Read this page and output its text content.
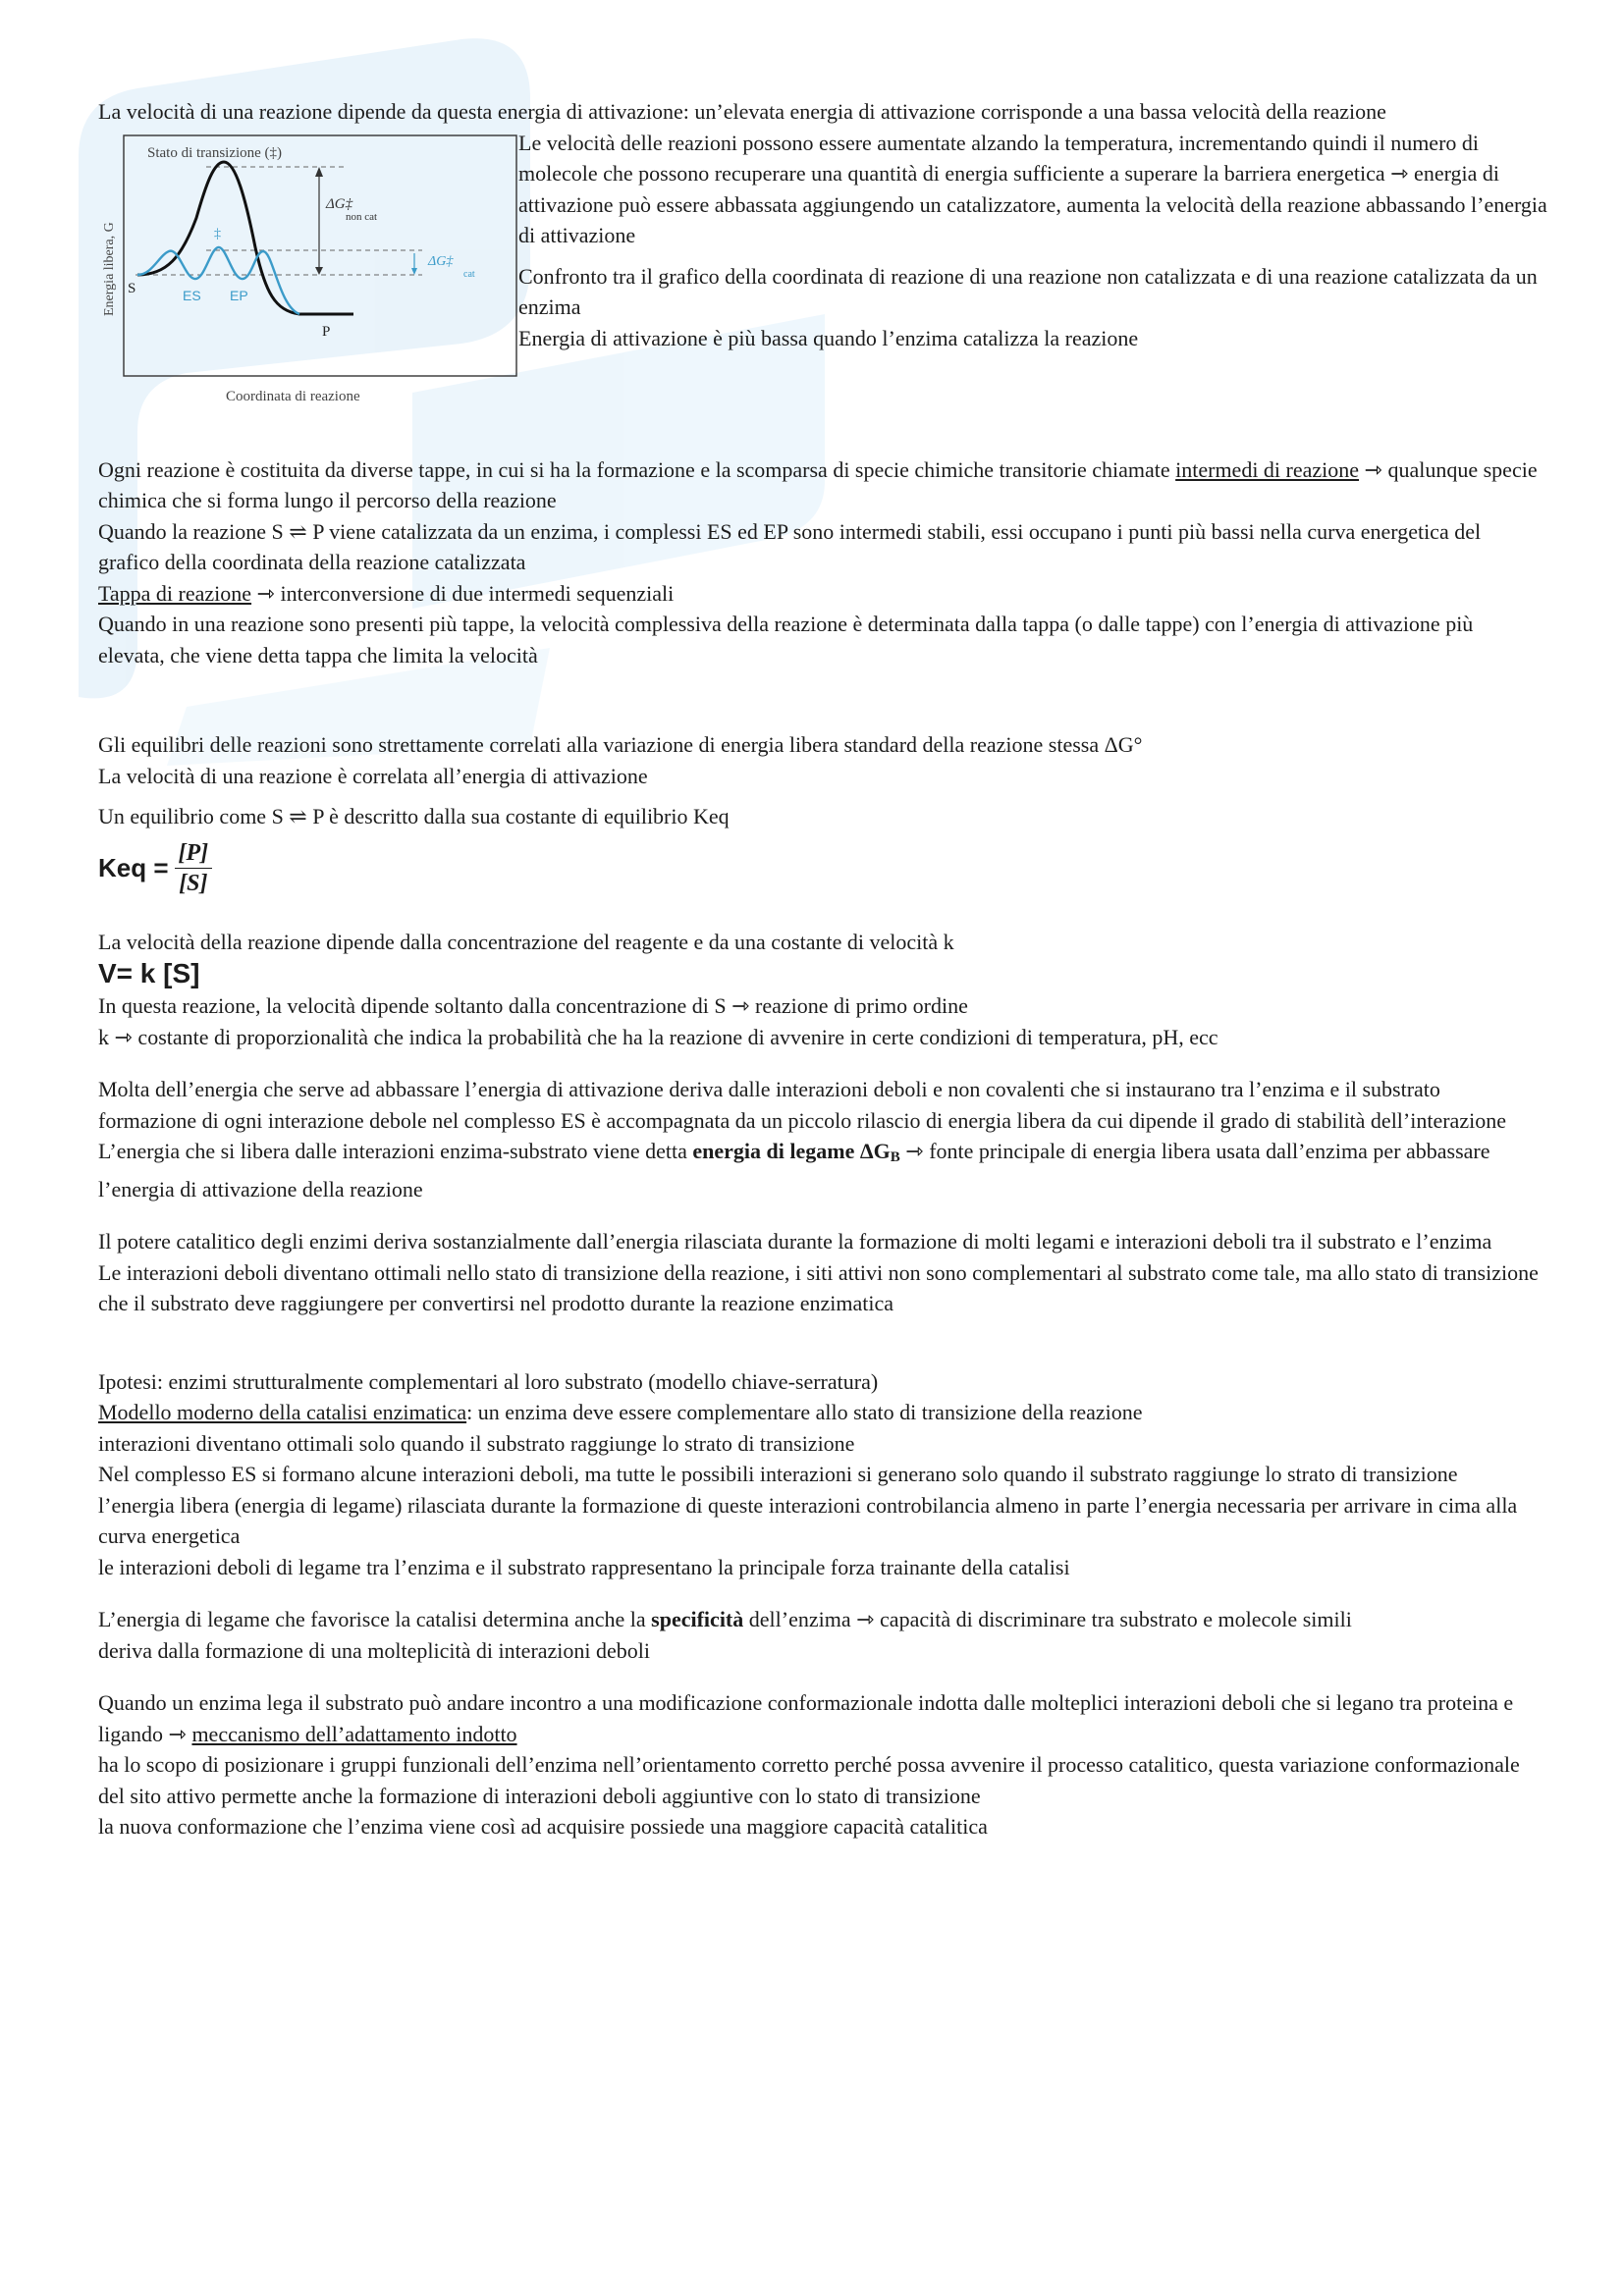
La velocità di una reazione dipende da questa energia di attivazione: un’elevata energia di attivazione corrisponde a una bassa velocità della reazione

Stato di transizione (‡)
Energia libera, G
Coordinata di reazione
S
P
ES EP
‡
ΔG‡
non cat
ΔG‡
cat

Le velocità delle reazioni possono essere aumentate alzando la temperatura, incrementando quindi il numero di molecole che possono recuperare una quantità di energia sufficiente a superare la barriera energetica ⇾ energia di attivazione può essere abbassata aggiungendo un catalizzatore, aumenta la velocità della reazione abbassando l’energia di attivazione

Confronto tra il grafico della coordinata di reazione di una reazione non catalizzata e di una reazione catalizzata da un enzima

Energia di attivazione è più bassa quando l’enzima catalizza la reazione

Ogni reazione è costituita da diverse tappe, in cui si ha la formazione e la scomparsa di specie chimiche transitorie chiamate intermedi di reazione ⇾ qualunque specie chimica che si forma lungo il percorso della reazione

Quando la reazione S ⇌ P viene catalizzata da un enzima, i complessi ES ed EP sono intermedi stabili, essi occupano i punti più bassi nella curva energetica del grafico della coordinata della reazione catalizzata

Tappa di reazione ⇾ interconversione di due intermedi sequenziali

Quando in una reazione sono presenti più tappe, la velocità complessiva della reazione è determinata dalla tappa (o dalle tappe) con l’energia di attivazione più elevata, che viene detta tappa che limita la velocità

Gli equilibri delle reazioni sono strettamente correlati alla variazione di energia libera standard della reazione stessa ΔG°

La velocità di una reazione è correlata all’energia di attivazione

Un equilibrio come S ⇌ P è descritto dalla sua costante di equilibrio Keq

Keq = $\frac{[P]}{[S]}$

La velocità della reazione dipende dalla concentrazione del reagente e da una costante di velocità k

V= k [S]

In questa reazione, la velocità dipende soltanto dalla concentrazione di S ⇾ reazione di primo ordine

k ⇾ costante di proporzionalità che indica la probabilità che ha la reazione di avvenire in certe condizioni di temperatura, pH, ecc

Molta dell’energia che serve ad abbassare l’energia di attivazione deriva dalle interazioni deboli e non covalenti che si instaurano tra l’enzima e il substrato

formazione di ogni interazione debole nel complesso ES è accompagnata da un piccolo rilascio di energia libera da cui dipende il grado di stabilità dell’interazione

L’energia che si libera dalle interazioni enzima-substrato viene detta energia di legame $\Delta G_B$ ⇾ fonte principale di energia libera usata dall’enzima per abbassare l’energia di attivazione della reazione

Il potere catalitico degli enzimi deriva sostanzialmente dall’energia rilasciata durante la formazione di molti legami e interazioni deboli tra il substrato e l’enzima

Le interazioni deboli diventano ottimali nello stato di transizione della reazione, i siti attivi non sono complementari al substrato come tale, ma allo stato di transizione che il substrato deve raggiungere per convertirsi nel prodotto durante la reazione enzimatica

Ipotesi: enzimi strutturalmente complementari al loro substrato (modello chiave-serratura)

Modello moderno della catalisi enzimatica: un enzima deve essere complementare allo stato di transizione della reazione

interazioni diventano ottimali solo quando il substrato raggiunge lo strato di transizione

Nel complesso ES si formano alcune interazioni deboli, ma tutte le possibili interazioni si generano solo quando il substrato raggiunge lo strato di transizione

l’energia libera (energia di legame) rilasciata durante la formazione di queste interazioni controbilancia almeno in parte l’energia necessaria per arrivare in cima alla curva energetica

le interazioni deboli di legame tra l’enzima e il substrato rappresentano la principale forza trainante della catalisi

L’energia di legame che favorisce la catalisi determina anche la specificità dell’enzima ⇾ capacità di discriminare tra substrato e molecole simili

deriva dalla formazione di una molteplicità di interazioni deboli

Quando un enzima lega il substrato può andare incontro a una modificazione conformazionale indotta dalle molteplici interazioni deboli che si legano tra proteina e ligando ⇾ meccanismo dell’adattamento indotto

ha lo scopo di posizionare i gruppi funzionali dell’enzima nell’orientamento corretto perché possa avvenire il processo catalitico, questa variazione conformazionale del sito attivo permette anche la formazione di interazioni deboli aggiuntive con lo stato di transizione

la nuova conformazione che l’enzima viene così ad acquisire possiede una maggiore capacità catalitica
